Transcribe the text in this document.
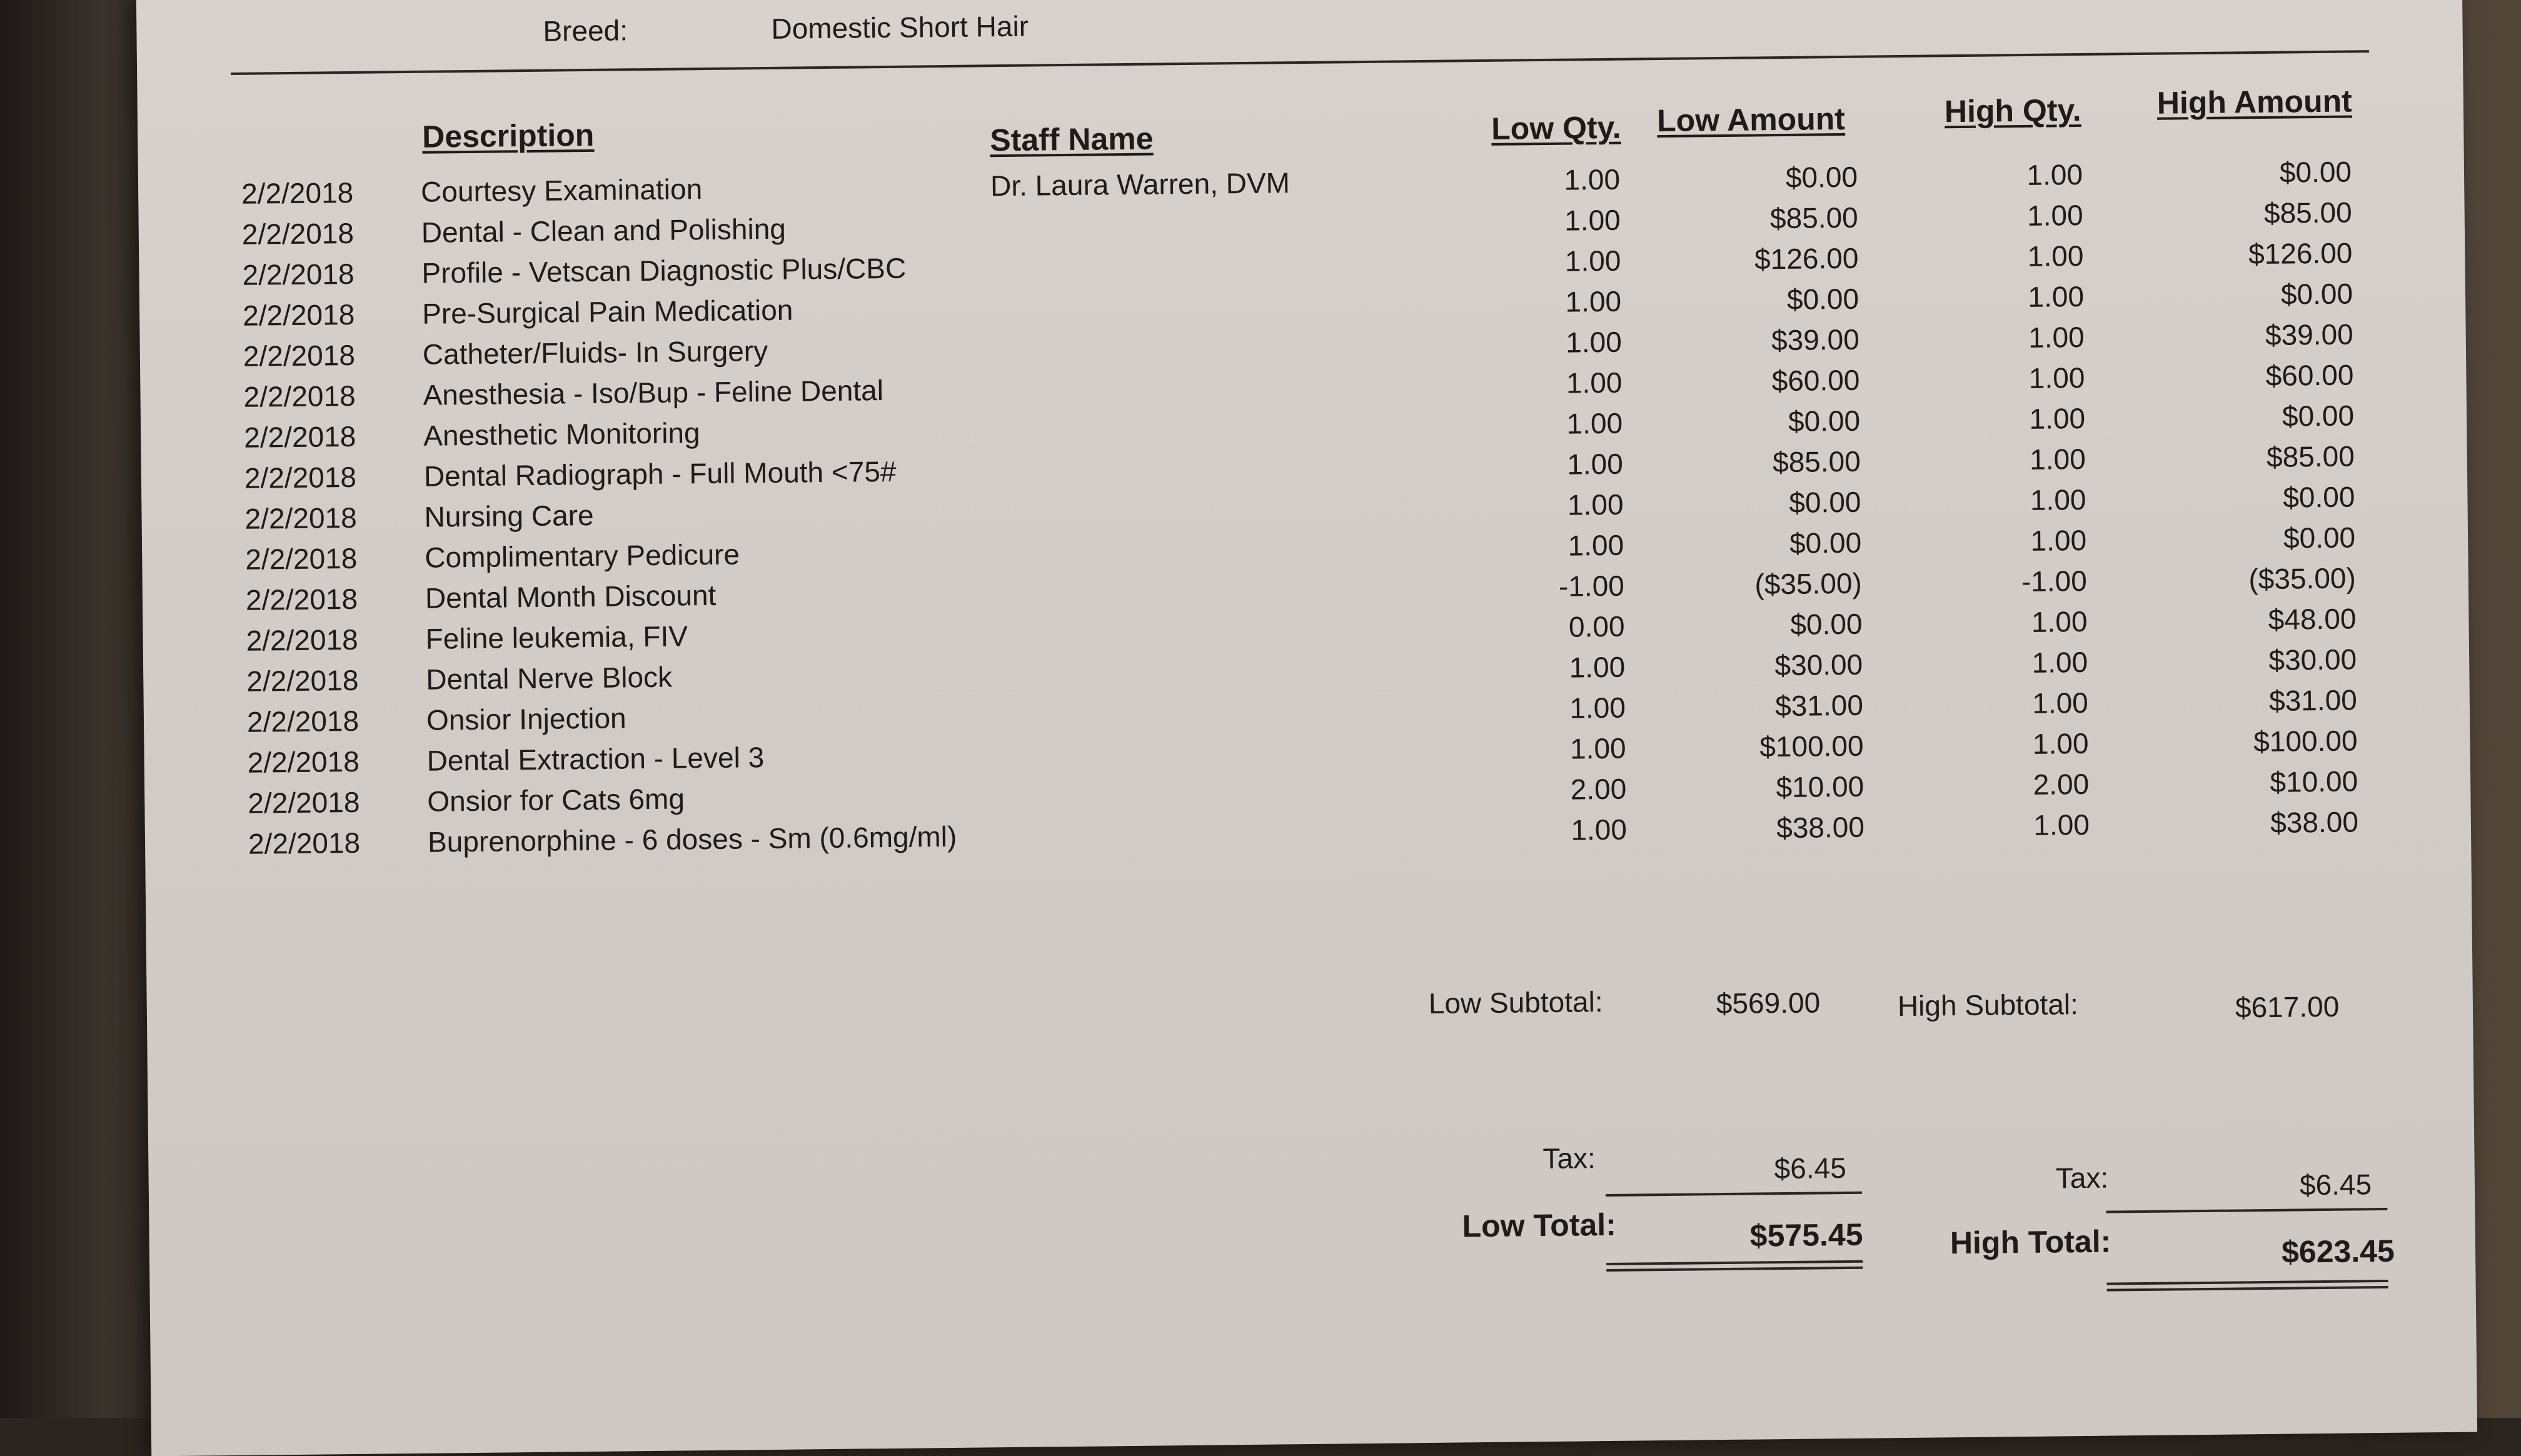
Breed:	Domestic Short Hair
Description	Staff Name	Low Qty. Low Amount	High Qty. High Amount
2/2/2018	Courtesy Examination	Dr. Laura Warren, DVM	1.00	$0.00	1.00	$0.00
2/2/2018	Dental - Clean and Polishing	1.00	$85.00	1.00	$85.00
2/2/2018	Profile - Vetscan Diagnostic Plus/CBC	1.00	$126.00	1.00	$126.00
2/2/2018	Pre-Surgical Pain Medication	1.00	$0.00	1.00	$0.00
2/2/2018	Catheter/Fluids- In Surgery	1.00	$39.00	1.00	$39.00
2/2/2018	Anesthesia - Iso/Bup - Feline Dental	1.00	$60.00	1.00	$60.00
2/2/2018	Anesthetic Monitoring	1.00	$0.00	1.00	$0.00
2/2/2018	Dental Radiograph - Full Mouth <75#	1.00	$85.00	1.00	$85.00
2/2/2018	Nursing Care	1.00	$0.00	1.00	$0.00
2/2/2018	Complimentary Pedicure	1.00	$0.00	1.00	$0.00
2/2/2018	Dental Month Discount	-1.00	($35.00)	-1.00	($35.00)
2/2/2018	Feline leukemia, FIV	0.00	$0.00	1.00	$48.00
2/2/2018	Dental Nerve Block	1.00	$30.00	1.00	$30.00
2/2/2018	Onsior Injection	1.00	$31.00	1.00	$31.00
2/2/2018	Dental Extraction - Level 3	1.00	$100.00	1.00	$100.00
2/2/2018	Onsior for Cats 6mg	2.00	$10.00	2.00	$10.00
2/2/2018	Buprenorphine - 6 doses - Sm (0.6mg/ml)	1.00	$38.00	1.00	$38.00
Low Subtotal:	$569.00	High Subtotal:	$617.00
Tax:	$6.45	Tax:	$6.45
Low Total:	$575.45	High Total:	$623.45
